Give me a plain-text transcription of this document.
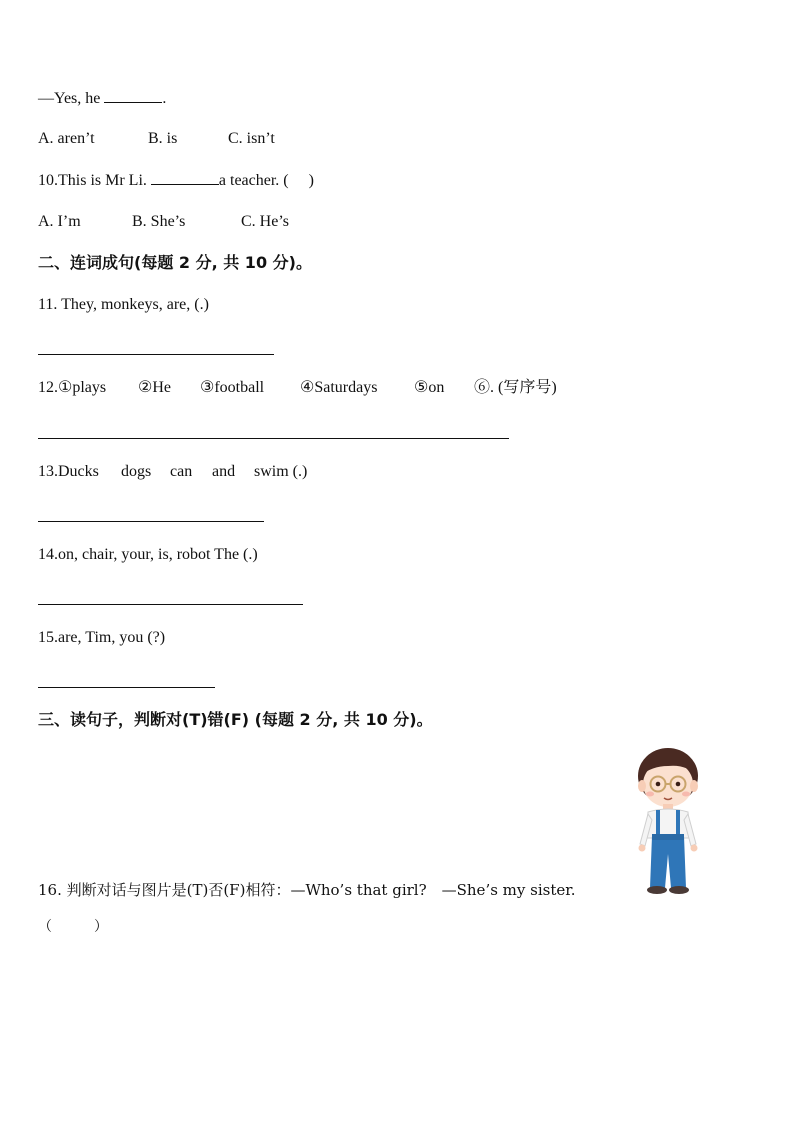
—Yes, he	.
A. aren’t	B. is	C. isn’t
10.This is Mr Li.	a teacher. ( )
A. I’m	B. She’s	C. He’s
二、连词成句(每题 2 分, 共 10 分)。
11. They, monkeys, are, (.)
12.①plays ②He ③football ④Saturdays ⑤on ⑥. (写序号)
13.Ducks dogs can and swim (.)
14.on, chair, your, is, robot The (.)
15.are, Tim, you (?)
三、读句子，判断对(T)错(F) (每题 2 分, 共 10 分)。
16. 判断对话与图片是(T)否(F)相符：—Who’s that girl?　—She’s my sister.
（　　　）
